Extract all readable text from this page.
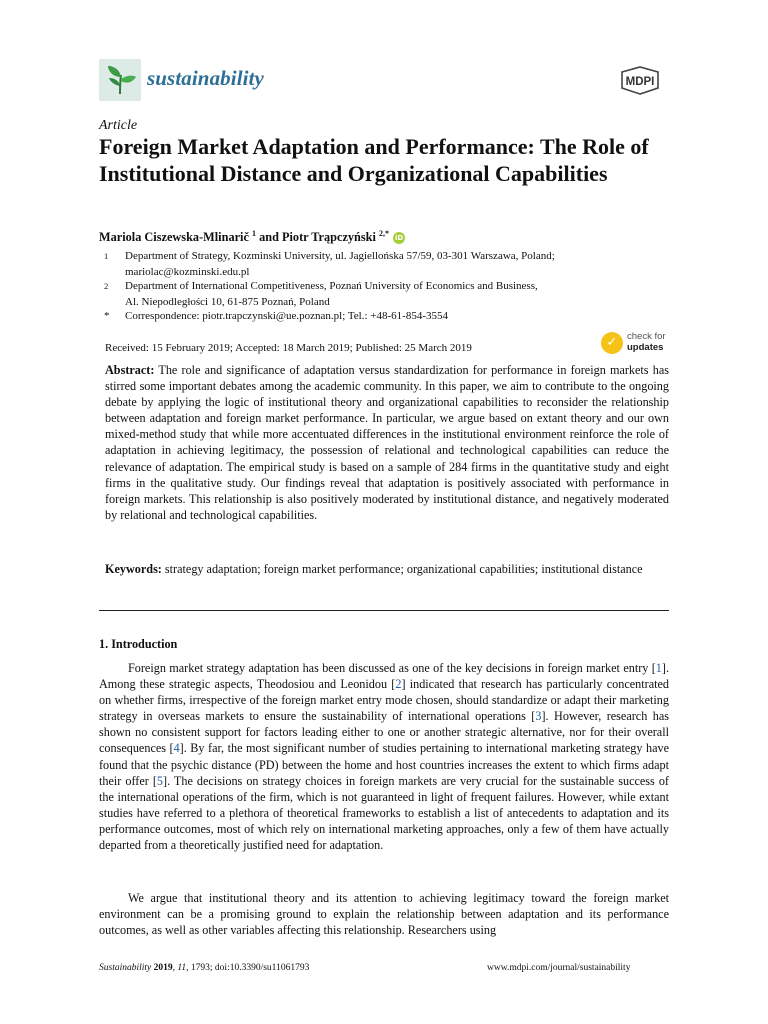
sustainability	MDPI
Article
Foreign Market Adaptation and Performance: The Role of Institutional Distance and Organizational Capabilities
Mariola Ciszewska-Mlinarič $^1$ and Piotr Trąpczyński $^{2,*}$ iD
1 Department of Strategy, Kozminski University, ul. Jagiellońska 57/59, 03-301 Warszawa, Poland;
mariolac@kozminski.edu.pl
2 Department of International Competitiveness, Poznań University of Economics and Business,
Al. Niepodległości 10, 61-875 Poznań, Poland
* Correspondence: piotr.trapczynski@ue.poznan.pl; Tel.: +48-61-854-3554
Received: 15 February 2019; Accepted: 18 March 2019; Published: 25 March 2019	✓	check for
updates

Abstract: The role and significance of adaptation versus standardization for performance in foreign markets has stirred some important debates among the academic community. In this paper, we aim to contribute to the ongoing debate by applying the logic of institutional theory and organizational capabilities to reconsider the relationship between adaptation and foreign market performance. In particular, we argue based on extant theory and our own mixed-method study that while more accentuated differences in the institutional environment reinforce the role of adaptation in achieving legitimacy, the possession of relational and technological capabilities can reduce the relevance of adaptation. The empirical study is based on a sample of 284 firms in the quantitative study and eight firms in the qualitative study. Our findings reveal that adaptation is positively associated with performance in foreign markets. This relationship is also positively moderated by institutional distance, and negatively moderated by relational and technological capabilities.

Keywords: strategy adaptation; foreign market performance; organizational capabilities; institutional distance

1. Introduction

Foreign market strategy adaptation has been discussed as one of the key decisions in foreign market entry [1]. Among these strategic aspects, Theodosiou and Leonidou [2] indicated that research has particularly concentrated on whether firms, irrespective of the foreign market entry mode chosen, should standardize or adapt their marketing strategy in overseas markets to ensure the sustainability of international operations [3]. However, research has shown no consistent support for factors leading either to one or another strategic alternative, nor for their overall consequences [4]. By far, the most significant number of studies pertaining to international marketing strategy have found that the psychic distance (PD) between the home and host countries increases the extent to which firms adapt their offer [5]. The decisions on strategy choices in foreign markets are very crucial for the sustainable success of the international operations of the firm, which is not guaranteed in light of frequent failures. However, while extant studies have referred to a plethora of theoretical frameworks to establish a list of antecedents to adaptation and its performance outcomes, most of which rely on international marketing approaches, only a few of them have actually departed from a theoretically justified need for adaptation.

We argue that institutional theory and its attention to achieving legitimacy toward the foreign market environment can be a promising ground to explain the relationship between adaptation and its performance outcomes, as well as other variables affecting this relationship. Researchers using

Sustainability 2019, 11, 1793; doi:10.3390/su11061793	www.mdpi.com/journal/sustainability
